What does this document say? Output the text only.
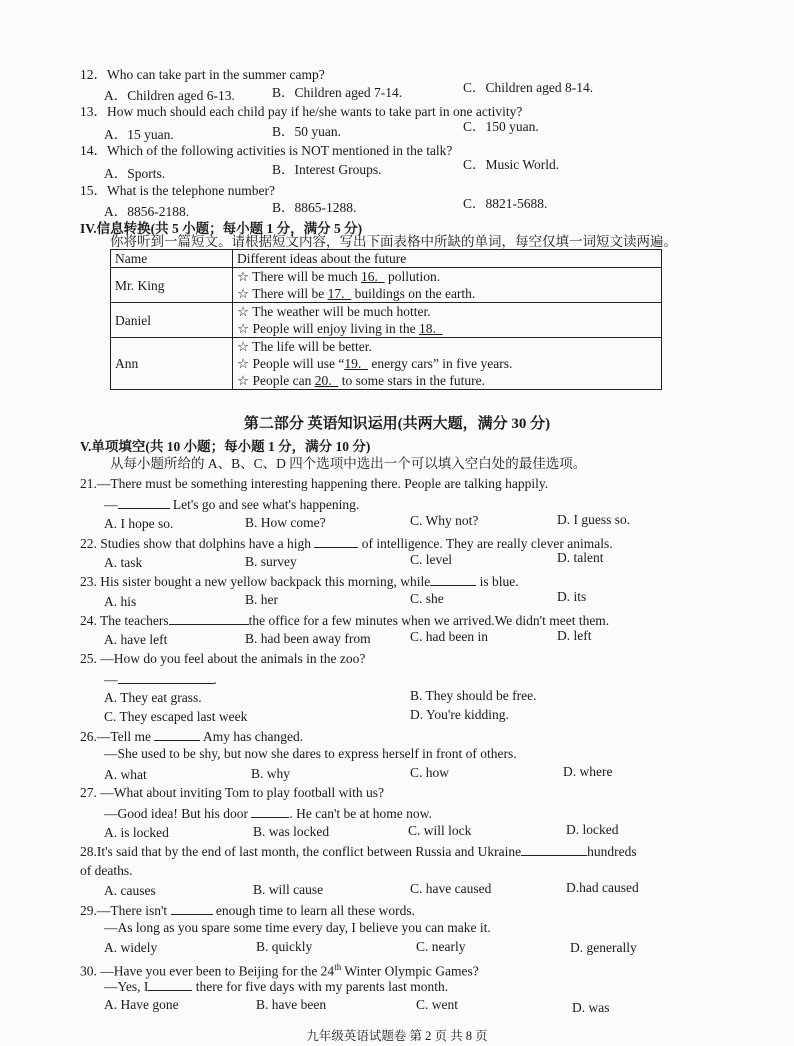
12．Who can take part in the summer camp?
A．Children aged 6-13.	B．Children aged 7-14.	C．Children aged 8-14.
13．How much should each child pay if he/she wants to take part in one activity?
A．15 yuan.	B．50 yuan.	C．150 yuan.
14．Which of the following activities is NOT mentioned in the talk?
A．Sports.	B．Interest Groups.	C．Music World.
15．What is the telephone number?
A．8856-2188.	B．8865-1288.	C．8821-5688.
IV.信息转换(共 5 小题；每小题 1 分，满分 5 分)
你将听到一篇短文。请根据短文内容，写出下面表格中所缺的单词，每空仅填一词短文读两遍。
Name	Different ideas about the future
Mr. King	☆ There will be much 16.   pollution.
☆ There will be 17.   buildings on the earth.

Daniel	☆ The weather will be much hotter.
☆ People will enjoy living in the 18.

Ann	☆ The life will be better.
☆ People will use “19.   energy cars” in five years.
☆ People can 20.   to some stars in the future.
第二部分 英语知识运用(共两大题，满分 30 分)
V.单项填空(共 10 小题；每小题 1 分，满分 10 分)
从每小题所给的 A、B、C、D 四个选项中选出一个可以填入空白处的最佳选项。
21.—There must be something interesting happening there. People are talking happily.
—	Let's go and see what's happening.
A. I hope so.	B. How come?	C. Why not?	D. I guess so.
22. Studies show that dolphins have a high	of intelligence. They are really clever animals.
A. task	B. survey	C. level	D. talent
23. His sister bought a new yellow backpack this morning, while	is blue.
A. his	B. her	C. she	D. its
24. The teachers	the office for a few minutes when we arrived.We didn't meet them.
A. have left	B. had been away from	C. had been in	D. left
25. —How do you feel about the animals in the zoo?
—	.
A. They eat grass.	B. They should be free.
C. They escaped last week	D. You're kidding.
26.—Tell me	Amy has changed.
—She used to be shy, but now she dares to express herself in front of others.
A. what	B. why	C. how	D. where
27. —What about inviting Tom to play football with us?
—Good idea! But his door	. He can't be at home now.
A. is locked	B. was locked	C. will lock	D. locked
28.It's said that by the end of last month, the conflict between Russia and Ukraine	hundreds
of deaths.
A. causes	B. will cause	C. have caused	D.had caused
29.—There isn't	enough time to learn all these words.
—As long as you spare some time every day, I believe you can make it.
A. widely	B. quickly	C. nearly	D. generally
30. —Have you ever been to Beijing for the 24th Winter Olympic Games?
—Yes, I	there for five days with my parents last month.
A. Have gone	B. have been	C. went	D. was
九年级英语试题卷 第 2 页 共 8 页
